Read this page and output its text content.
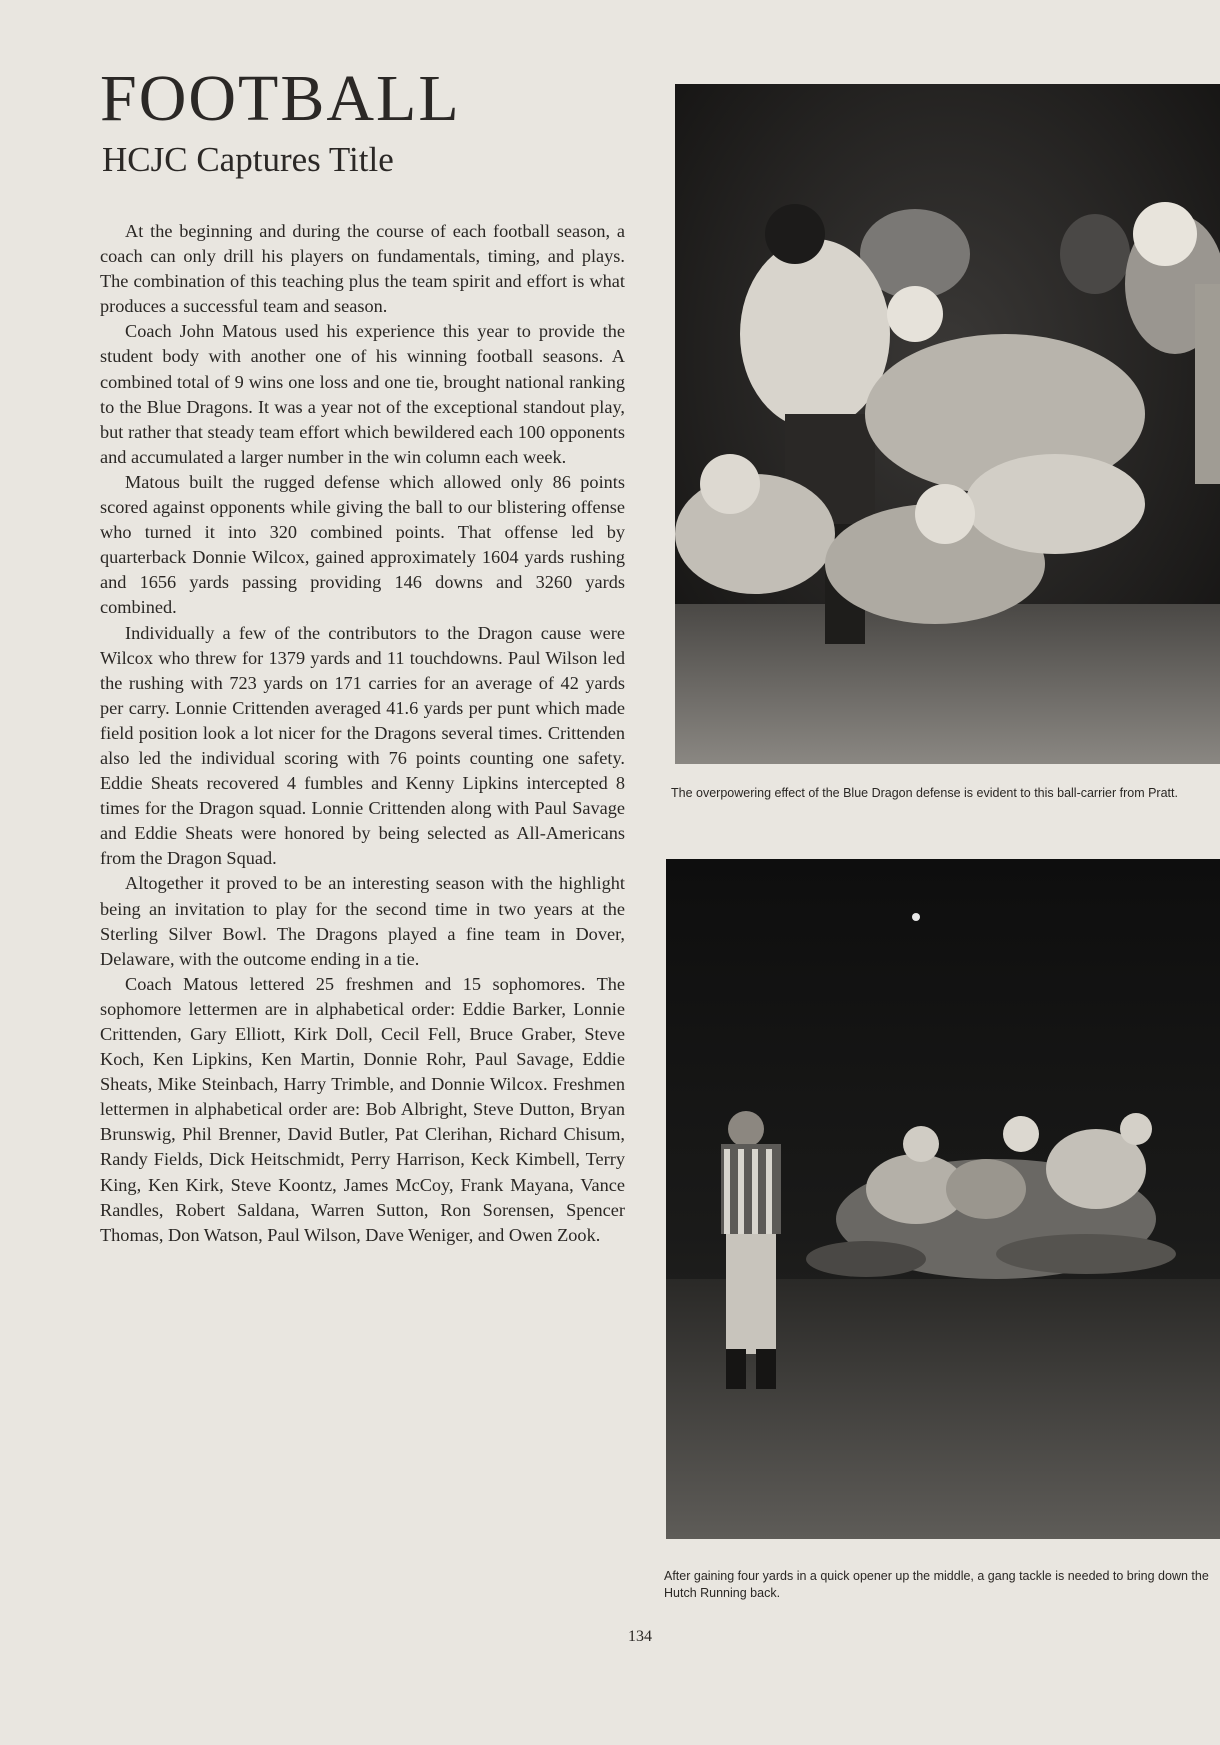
FOOTBALL
HCJC Captures Title

At the beginning and during the course of each football season, a coach can only drill his players on fundamentals, timing, and plays. The combination of this teaching plus the team spirit and effort is what produces a successful team and season.

Coach John Matous used his experience this year to provide the student body with another one of his winning football seasons. A combined total of 9 wins one loss and one tie, brought national ranking to the Blue Dragons. It was a year not of the exceptional standout play, but rather that steady team effort which bewildered each 100 opponents and accumulated a larger number in the win column each week.

Matous built the rugged defense which allowed only 86 points scored against opponents while giving the ball to our blistering offense who turned it into 320 combined points. That offense led by quarterback Donnie Wilcox, gained approximately 1604 yards rushing and 1656 yards passing providing 146 downs and 3260 yards combined.

Individually a few of the contributors to the Dragon cause were Wilcox who threw for 1379 yards and 11 touchdowns. Paul Wilson led the rushing with 723 yards on 171 carries for an average of 42 yards per carry. Lonnie Crittenden averaged 41.6 yards per punt which made field position look a lot nicer for the Dragons several times. Crittenden also led the individual scoring with 76 points counting one safety. Eddie Sheats recovered 4 fumbles and Kenny Lipkins intercepted 8 times for the Dragon squad. Lonnie Crittenden along with Paul Savage and Eddie Sheats were honored by being selected as All-Americans from the Dragon Squad.

Altogether it proved to be an interesting season with the highlight being an invitation to play for the second time in two years at the Sterling Silver Bowl. The Dragons played a fine team in Dover, Delaware, with the outcome ending in a tie.

Coach Matous lettered 25 freshmen and 15 sophomores. The sophomore lettermen are in alphabetical order: Eddie Barker, Lonnie Crittenden, Gary Elliott, Kirk Doll, Cecil Fell, Bruce Graber, Steve Koch, Ken Lipkins, Ken Martin, Donnie Rohr, Paul Savage, Eddie Sheats, Mike Steinbach, Harry Trimble, and Donnie Wilcox. Freshmen lettermen in alphabetical order are: Bob Albright, Steve Dutton, Bryan Brunswig, Phil Brenner, David Butler, Pat Clerihan, Richard Chisum, Randy Fields, Dick Heitschmidt, Perry Harrison, Keck Kimbell, Terry King, Ken Kirk, Steve Koontz, James McCoy, Frank Mayana, Vance Randles, Robert Saldana, Warren Sutton, Ron Sorensen, Spencer Thomas, Don Watson, Paul Wilson, Dave Weniger, and Owen Zook.

The overpowering effect of the Blue Dragon defense is evident to this ball-carrier from Pratt.
After gaining four yards in a quick opener up the middle, a gang tackle is needed to bring down the Hutch Running back.
134
